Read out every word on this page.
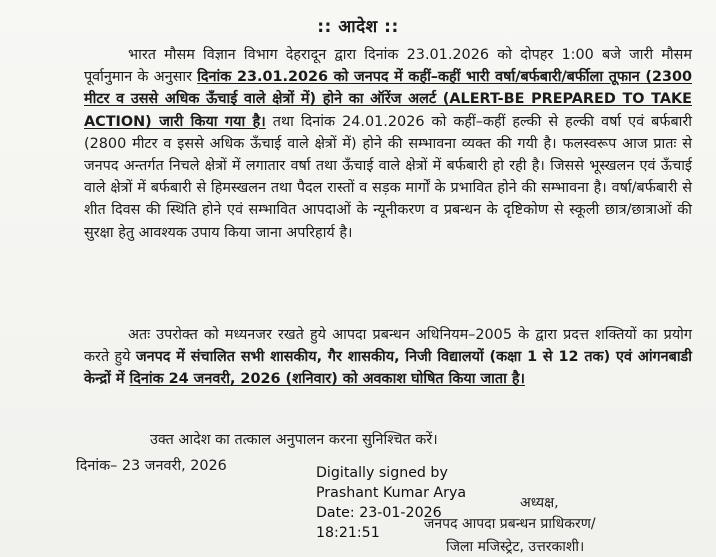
:: आदेश ::
भारत मौसम विज्ञान विभाग देहरादून द्वारा दिनांक 23.01.2026 को दोपहर 1:00 बजे जारी मौसम पूर्वानुमान के अनुसार दिनांक 23.01.2026 को जनपद में कहीं–कहीं भारी वर्षा/बर्फबारी/बर्फीला तूफान (2300 मीटर व उससे अधिक ऊँचाई वाले क्षेत्रों में) होने का ऑरेंज अलर्ट (ALERT-BE PREPARED TO TAKE ACTION) जारी किया गया है। तथा दिनांक 24.01.2026 को कहीं–कहीं हल्की से हल्की वर्षा एवं बर्फबारी (2800 मीटर व इससे अधिक ऊँचाई वाले क्षेत्रों में) होने की सम्भावना व्यक्त की गयी है। फलस्वरूप आज प्रातः से जनपद अन्तर्गत निचले क्षेत्रों में लगातार वर्षा तथा ऊँचाई वाले क्षेत्रों में बर्फबारी हो रही है। जिससे भूस्खलन एवं ऊँचाई वाले क्षेत्रों में बर्फबारी से हिमस्खलन तथा पैदल रास्तों व सड़क मार्गों के प्रभावित होने की सम्भावना है। वर्षा/बर्फबारी से शीत दिवस की स्थिति होने एवं सम्भावित आपदाओं के न्यूनीकरण व प्रबन्धन के दृष्टिकोण से स्कूली छात्र/छात्राओं की सुरक्षा हेतु आवश्यक उपाय किया जाना अपरिहार्य है।
अतः उपरोक्त को मध्यनजर रखते हुये आपदा प्रबन्धन अधिनियम–2005 के द्वारा प्रदत्त शक्तियों का प्रयोग करते हुये जनपद में संचालित सभी शासकीय, गैर शासकीय, निजी विद्यालयों (कक्षा 1 से 12 तक) एवं आंगनबाडी केन्द्रों में दिनांक 24 जनवरी, 2026 (शनिवार) को अवकाश घोषित किया जाता है।
उक्त आदेश का तत्काल अनुपालन करना सुनिश्चित करें।
दिनांक– 23 जनवरी, 2026	Digitally signed by
Prashant Kumar Arya
Date: 23-01-2026
18:21:51
अध्यक्ष,
जनपद आपदा प्रबन्धन प्राधिकरण/
जिला मजिस्ट्रेट, उत्तरकाशी।
